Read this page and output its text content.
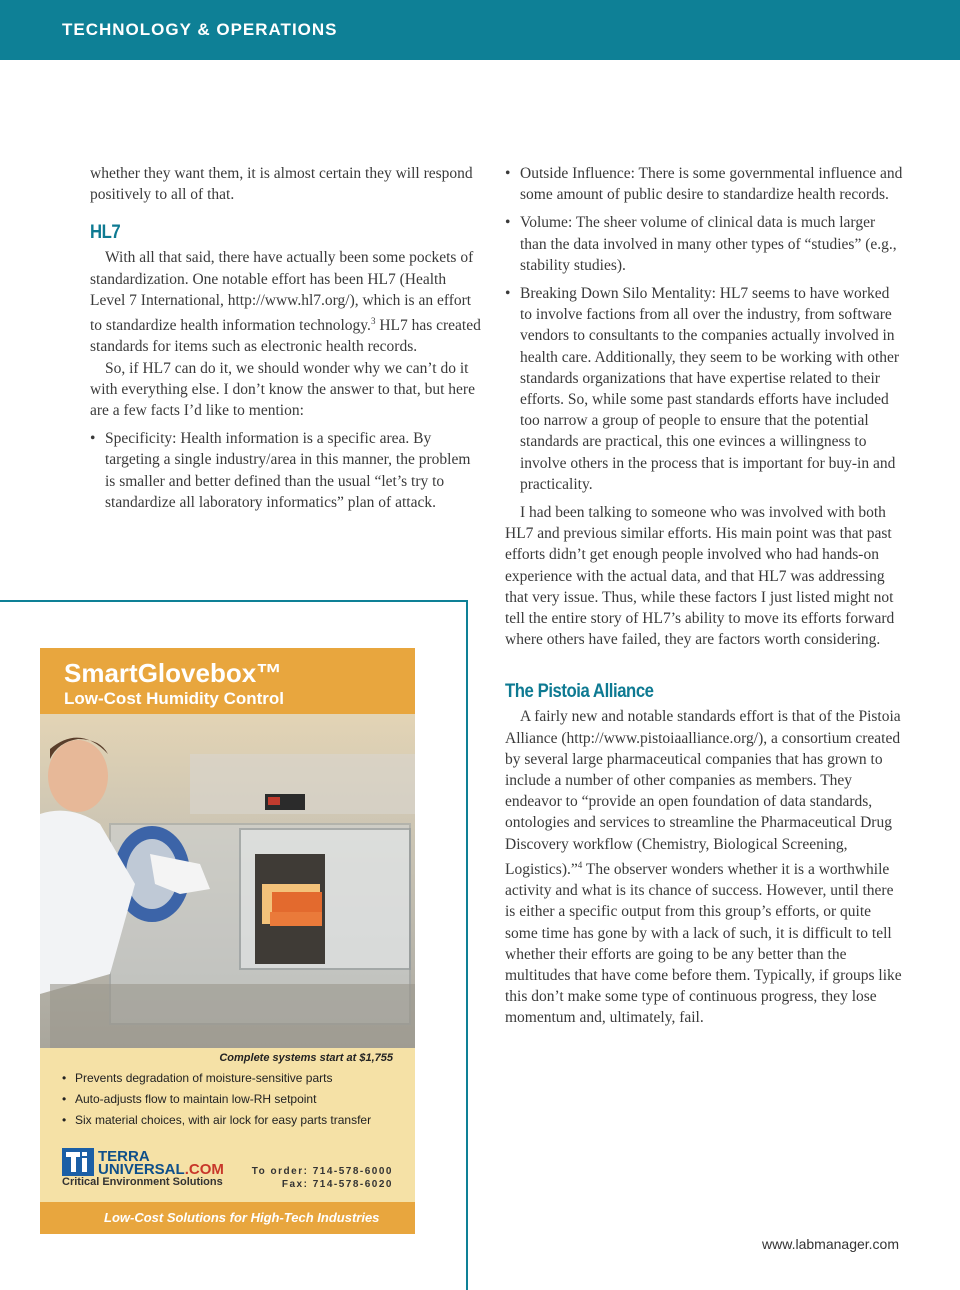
TECHNOLOGY & OPERATIONS

whether they want them, it is almost certain they will respond positively to all of that.

HL7

With all that said, there have actually been some pockets of standardization. One notable effort has been HL7 (Health Level 7 International, http://www.hl7.org/), which is an effort to standardize health information technology.$^3$ HL7 has created standards for items such as electronic health records.

So, if HL7 can do it, we should wonder why we can’t do it with everything else. I don’t know the answer to that, but here are a few facts I’d like to mention:

• Specificity: Health information is a specific area. By targeting a single industry/area in this manner, the problem is smaller and better defined than the usual “let’s try to standardize all laboratory informatics” plan of attack.
• Outside Influence: There is some governmental influence and some amount of public desire to standardize health records.
• Volume: The sheer volume of clinical data is much larger than the data involved in many other types of “studies” (e.g., stability studies).
• Breaking Down Silo Mentality: HL7 seems to have worked to involve factions from all over the industry, from software vendors to consultants to the companies actually involved in health care. Additionally, they seem to be working with other standards organizations that have expertise related to their efforts. So, while some past standards efforts have included too narrow a group of people to ensure that the potential standards are practical, this one evinces a willingness to involve others in the process that is important for buy-in and practicality.

I had been talking to someone who was involved with both HL7 and previous similar efforts. His main point was that past efforts didn’t get enough people involved who had hands-on experience with the actual data, and that HL7 was addressing that very issue. Thus, while these factors I just listed might not tell the entire story of HL7’s ability to move its efforts forward where others have failed, they are factors worth considering.

The Pistoia Alliance

A fairly new and notable standards effort is that of the Pistoia Alliance (http://www.pistoiaalliance.org/), a consortium created by several large pharmaceutical companies that has grown to include a number of other companies as members. They endeavor to “provide an open foundation of data standards, ontologies and services to streamline the Pharmaceutical Drug Discovery workflow (Chemistry, Biological Screening, Logistics).”$^4$ The observer wonders whether it is a worthwhile activity and what is its chance of success. However, until there is either a specific output from this group’s efforts, or quite some time has gone by with a lack of such, it is difficult to tell whether their efforts are going to be any better than the multitudes that have come before them. Typically, if groups like this don’t make some type of continuous progress, they lose momentum and, ultimately, fail.

SmartGlovebox™
Low-Cost Humidity Control
Complete systems start at $1,755
• Prevents degradation of moisture-sensitive parts
• Auto-adjusts flow to maintain low-RH setpoint
• Six material choices, with air lock for easy parts transfer
TERRA
UNIVERSAL.COM
Critical Environment Solutions
To order: 714-578-6000
Fax: 714-578-6020
Low-Cost Solutions for High-Tech Industries
www.labmanager.com
